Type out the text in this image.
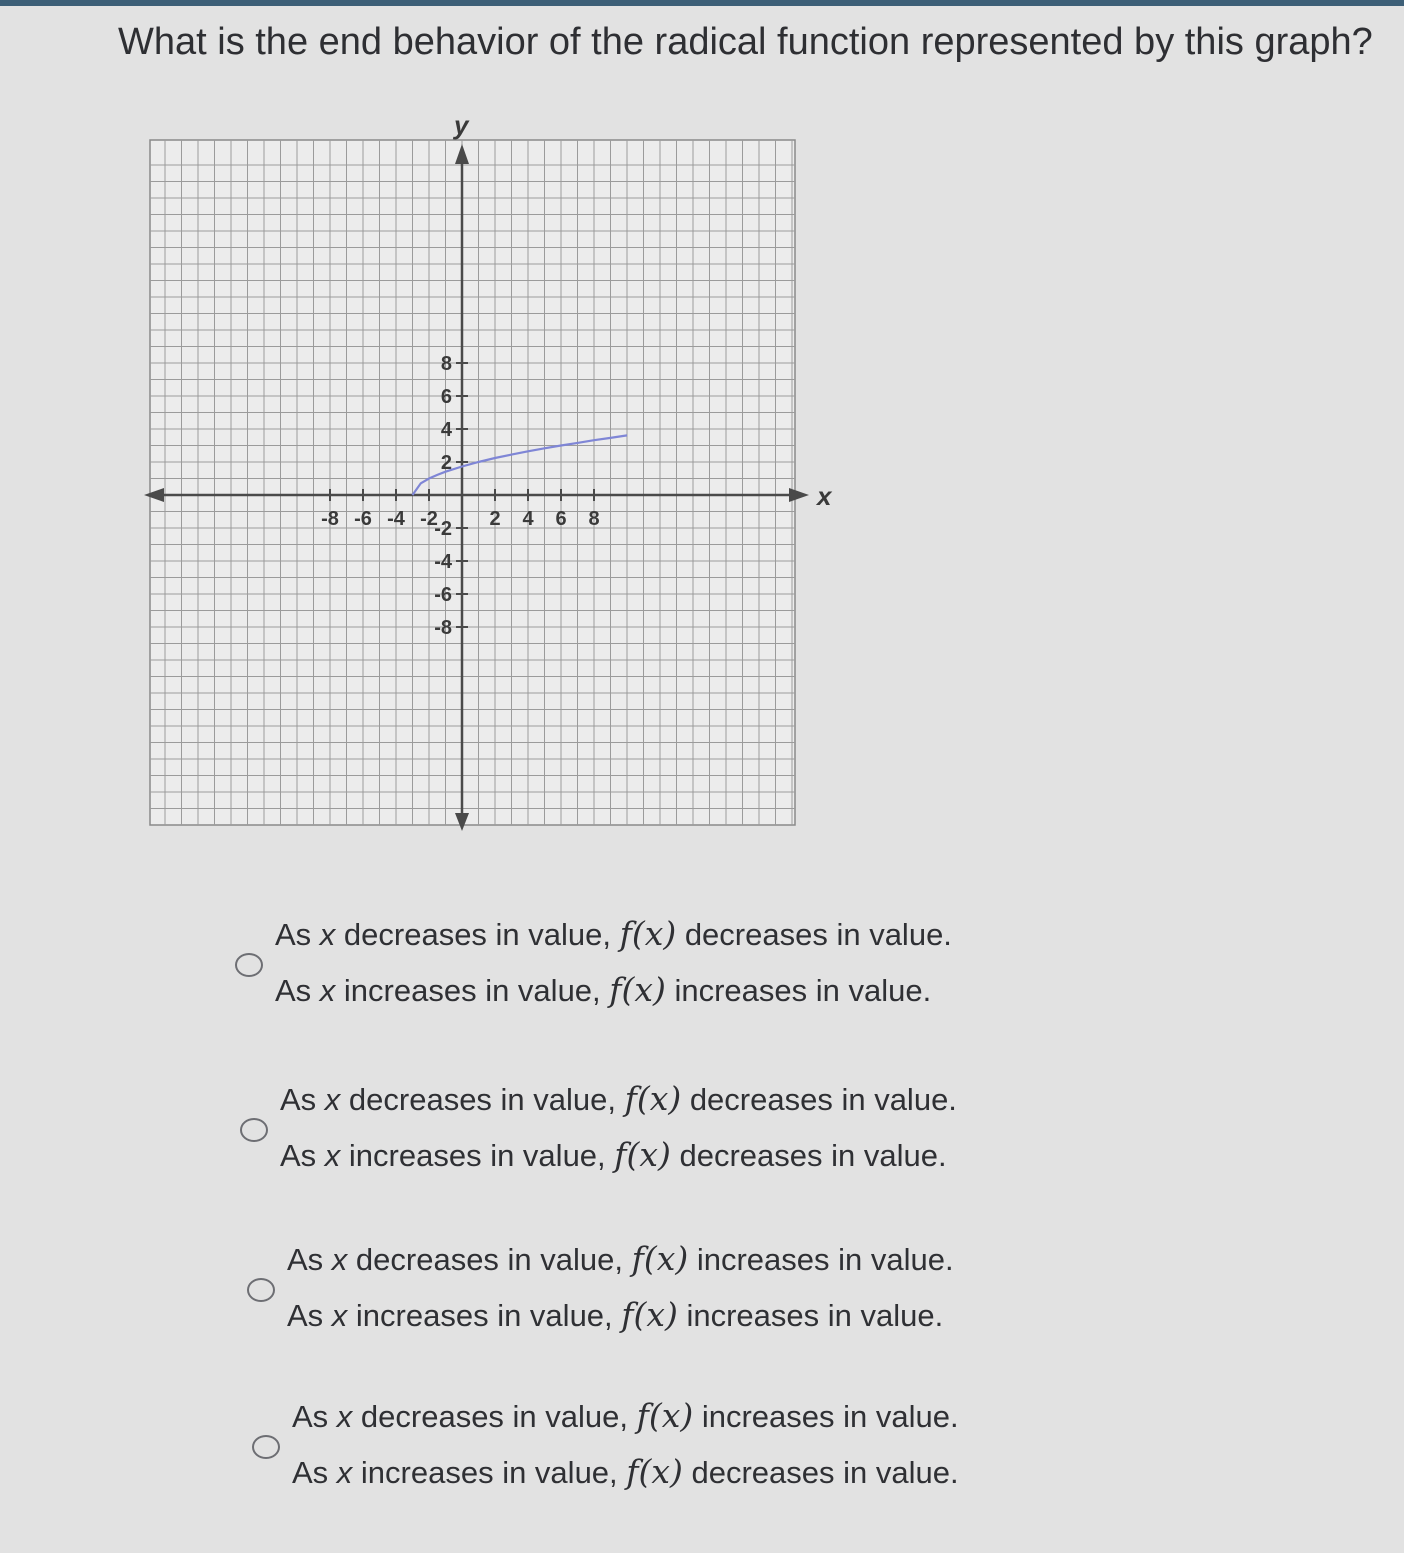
What is the end behavior of the radical function represented by this graph?
x
y
-8 -6 -4 -2	2 4 6 8
8
6
4
2
-2
-4
-6
-8
As x decreases in value, f(x) decreases in value.
As x increases in value, f(x) increases in value.
As x decreases in value, f(x) decreases in value.
As x increases in value, f(x) decreases in value.
As x decreases in value, f(x) increases in value.
As x increases in value, f(x) increases in value.
As x decreases in value, f(x) increases in value.
As x increases in value, f(x) decreases in value.
